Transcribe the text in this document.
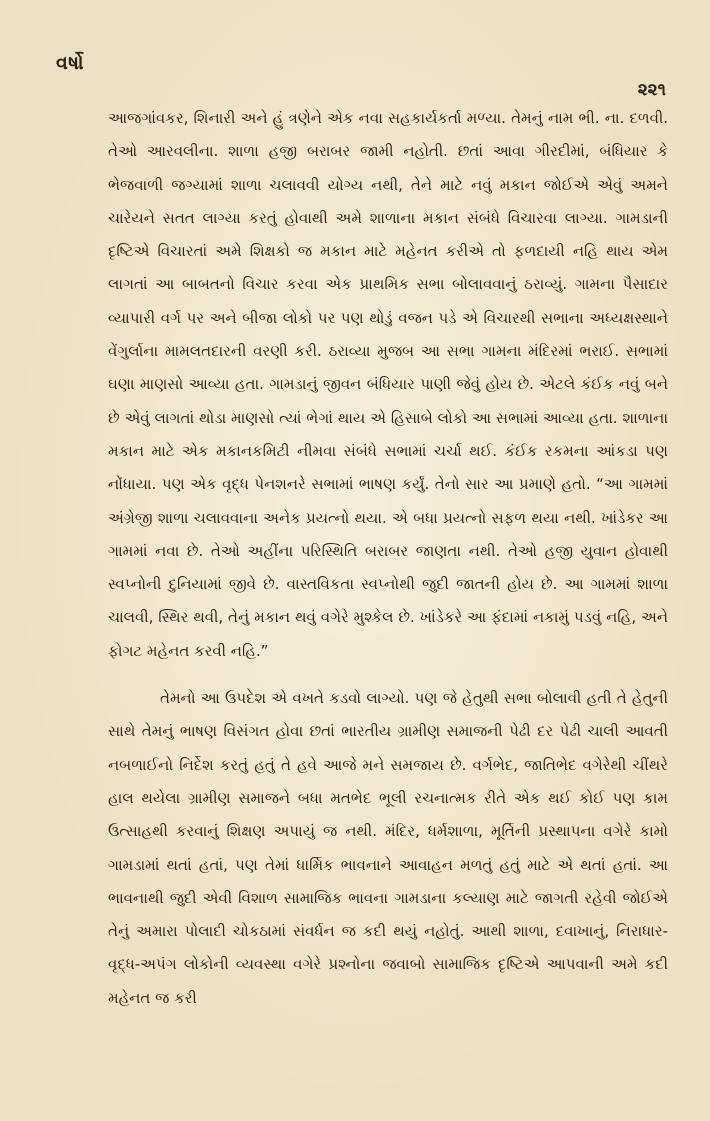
વર્ષો
૨૨૧

આજગાંવકર, શિનારી અને હું ત્રણેને એક નવા સહકાર્યકર્તા મળ્યા. તેમનું નામ ભી. ના. દળવી. તેઓ આરવલીના. શાળા હજી બરાબર જામી નહોતી. છતાં આવા ગીરદીમાં, બંધિયાર કે ભેજવાળી જગ્યામાં શાળા ચલાવવી યોગ્ય નથી, તેને માટે નવું મકાન જોઈએ એવું અમને ચારેયને સતત લાગ્યા કરતું હોવાથી અમે શાળાના મકાન સંબંધે વિચારવા લાગ્યા. ગામડાની દૃષ્ટિએ વિચારતાં અમે શિક્ષકો જ મકાન માટે મહેનત કરીએ તો ફળદાયી નહિ થાય એમ લાગતાં આ બાબતનો વિચાર કરવા એક પ્રાથમિક સભા બોલાવવાનું ઠરાવ્યું. ગામના પૈસાદાર વ્યાપારી વર્ગ પર અને બીજા લોકો પર પણ થોડું વજન પડે એ વિચારથી સભાના અધ્યક્ષસ્થાને વેંગુર્લાના મામલતદારની વરણી કરી. ઠરાવ્યા મુજબ આ સભા ગામના મંદિરમાં ભરાઈ. સભામાં ઘણા માણસો આવ્યા હતા. ગામડાનું જીવન બંધિયાર પાણી જેવું હોય છે. એટલે કંઈક નવું બને છે એવું લાગતાં થોડા માણસો ત્યાં ભેગાં થાય એ હિસાબે લોકો આ સભામાં આવ્યા હતા. શાળાના મકાન માટે એક મકાનકમિટી નીમવા સંબંધે સભામાં ચર્ચા થઈ. કંઈક રકમના આંકડા પણ નોંધાયા. પણ એક વૃદ્ધ પેનશનરે સભામાં ભાષણ કર્યું. તેનો સાર આ પ્રમાણે હતો. “આ ગામમાં અંગ્રેજી શાળા ચલાવવાના અનેક પ્રયત્નો થયા. એ બધા પ્રયત્નો સફળ થયા નથી. ખાંડેકર આ ગામમાં નવા છે. તેઓ અહીંના પરિસ્થિતિ બરાબર જાણતા નથી. તેઓ હજી યુવાન હોવાથી સ્વપ્નોની દુનિયામાં જીવે છે. વાસ્તવિકતા સ્વપ્નોથી જુદી જાતની હોય છે. આ ગામમાં શાળા ચાલવી, સ્થિર થવી, તેનું મકાન થવું વગેરે મુશ્કેલ છે. ખાંડેકરે આ ફંદામાં નકામું પડવું નહિ, અને ફોગટ મહેનત કરવી નહિ.”

તેમનો આ ઉપદેશ એ વખતે કડવો લાગ્યો. પણ જે હેતુથી સભા બોલાવી હતી તે હેતુની સાથે તેમનું ભાષણ વિસંગત હોવા છતાં ભારતીય ગ્રામીણ સમાજની પેઢી દર પેઢી ચાલી આવતી નબળાઈનો નિર્દેશ કરતું હતું તે હવે આજે મને સમજાય છે. વર્ગભેદ, જાતિભેદ વગેરેથી ચીંથરે હાલ થયેલા ગ્રામીણ સમાજને બધા મતભેદ ભૂલી રચનાત્મક રીતે એક થઈ કોઈ પણ કામ ઉત્સાહથી કરવાનું શિક્ષણ અપાયું જ નથી. મંદિર, ધર્મશાળા, મૂર્તિની પ્રસ્થાપના વગેરે કામો ગામડામાં થતાં હતાં, પણ તેમાં ધાર્મિક ભાવનાને આવાહન મળતું હતું માટે એ થતાં હતાં. આ ભાવનાથી જુદી એવી વિશાળ સામાજિક ભાવના ગામડાના કલ્યાણ માટે જાગતી રહેવી જોઈએ તેનું અમારા પોલાદી ચોકઠામાં સંવર્ધન જ કદી થયું નહોતું. આથી શાળા, દવાખાનું, નિરાધાર-વૃદ્ધ-અપંગ લોકોની વ્યવસ્થા વગેરે પ્રશ્નોના જવાબો સામાજિક દૃષ્ટિએ આપવાની અમે કદી મહેનત જ કરી
